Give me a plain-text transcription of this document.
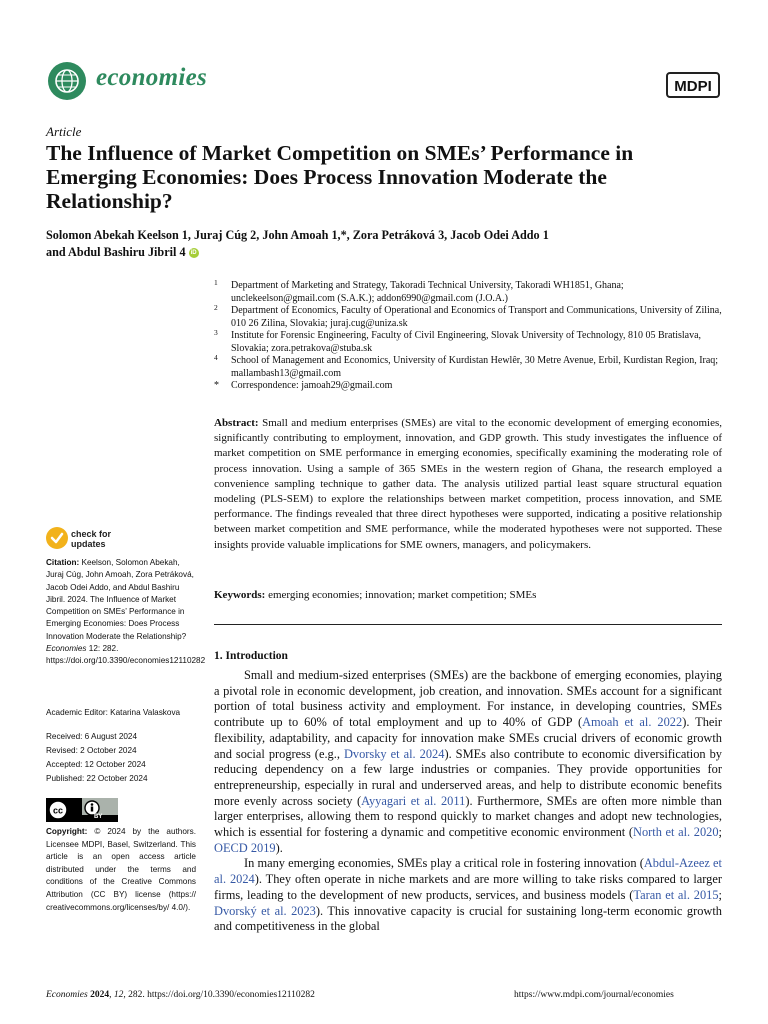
economies	MDPI
Article
The Influence of Market Competition on SMEs’ Performance in Emerging Economies: Does Process Innovation Moderate the Relationship?
Solomon Abekah Keelson 1, Juraj Cúg 2, John Amoah 1,*, Zora Petráková 3, Jacob Odei Addo 1
and Abdul Bashiru Jibril 4 iD
1 Department of Marketing and Strategy, Takoradi Technical University, Takoradi WH1851, Ghana; unclekeelson@gmail.com (S.A.K.); addon6990@gmail.com (J.O.A.)
2 Department of Economics, Faculty of Operational and Economics of Transport and Communications, University of Zilina, 010 26 Zilina, Slovakia; juraj.cug@uniza.sk
3 Institute for Forensic Engineering, Faculty of Civil Engineering, Slovak University of Technology, 810 05 Bratislava, Slovakia; zora.petrakova@stuba.sk
4 School of Management and Economics, University of Kurdistan Hewlêr, 30 Metre Avenue, Erbil, Kurdistan Region, Iraq; mallambash13@gmail.com
* Correspondence: jamoah29@gmail.com
Abstract: Small and medium enterprises (SMEs) are vital to the economic development of emerging economies, significantly contributing to employment, innovation, and GDP growth. This study investigates the influence of market competition on SME performance in emerging economies, specifically examining the moderating role of process innovation. Using a sample of 365 SMEs in the western region of Ghana, the research employed a convenience sampling technique to gather data. The analysis utilized partial least square structural equation modeling (PLS-SEM) to explore the relationships between market competition, process innovation, and SME performance. The findings revealed that three direct hypotheses were supported, indicating a positive relationship between market competition and SME performance, while the moderated hypotheses were not supported. These insights provide valuable implications for SME owners, managers, and policymakers.
Keywords: emerging economies; innovation; market competition; SMEs
check for
updates
Citation: Keelson, Solomon Abekah, Juraj Cúg, John Amoah, Zora Petráková, Jacob Odei Addo, and Abdul Bashiru Jibril. 2024. The Influence of Market Competition on SMEs’ Performance in Emerging Economies: Does Process Innovation Moderate the Relationship? Economies 12: 282. https://doi.org/10.3390/economies12110282
Academic Editor: Katarina Valaskova
Received: 6 August 2024
Revised: 2 October 2024
Accepted: 12 October 2024
Published: 22 October 2024
cc
BY
Copyright: © 2024 by the authors. Licensee MDPI, Basel, Switzerland. This article is an open access article distributed under the terms and conditions of the Creative Commons Attribution (CC BY) license (https:// creativecommons.org/licenses/by/ 4.0/).
1. Introduction

Small and medium-sized enterprises (SMEs) are the backbone of emerging economies, playing a pivotal role in economic development, job creation, and innovation. SMEs account for a significant portion of total business activity and employment. For instance, in developing countries, SMEs contribute up to 60% of total employment and up to 40% of GDP (Amoah et al. 2022). Their flexibility, adaptability, and capacity for innovation make SMEs crucial drivers of economic growth and social progress (e.g., Dvorsky et al. 2024). SMEs also contribute to economic diversification by reducing dependency on a few large industries or companies. They provide opportunities for entrepreneurship, especially in rural and underserved areas, and help to distribute economic benefits more evenly across society (Ayyagari et al. 2011). Furthermore, SMEs are often more nimble than larger enterprises, allowing them to respond quickly to market changes and adopt new technologies, which is essential for fostering a dynamic and competitive economic environment (North et al. 2020; OECD 2019).

In many emerging economies, SMEs play a critical role in fostering innovation (Abdul-Azeez et al. 2024). They often operate in niche markets and are more willing to take risks compared to larger firms, leading to the development of new products, services, and business models (Taran et al. 2015; Dvorský et al. 2023). This innovative capacity is crucial for sustaining long-term economic growth and competitiveness in the global

Economies 2024, 12, 282. https://doi.org/10.3390/economies12110282	https://www.mdpi.com/journal/economies
